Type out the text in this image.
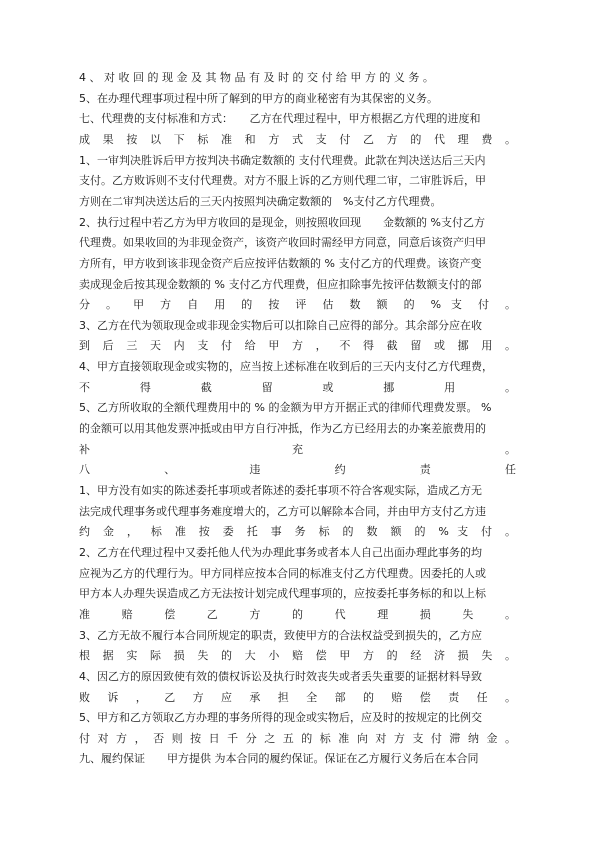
4 、 对 收 回 的 现 金 及 其 物 品 有 及 时 的 交 付 给 甲 方 的 义 务 。
5、在办理代理事项过程中所了解到的甲方的商业秘密有为其保密的义务。
七、代理费的支付标准和方式：　　乙方在代理过程中，甲方根据乙方代理的进度和
成 果 按 以 下 标 准 和 方 式 支 付 乙 方 的 代 理 费 。
1、一审判决胜诉后甲方按判决书确定数额的 支付代理费。此款在判决送达后三天内
支付。乙方败诉则不支付代理费。对方不服上诉的乙方则代理二审，二审胜诉后，甲
方则在二审判决送达后的三天内按照判决确定数额的　%支付乙方代理费。
2、执行过程中若乙方为甲方收回的是现金，则按照收回现　　金数额的 %支付乙方
代理费。如果收回的为非现金资产，该资产收回时需经甲方同意，同意后该资产归甲
方所有，甲方收到该非现金资产后应按评估数额的 % 支付乙方的代理费。该资产变
卖成现金后按其现金数额的 % 支付乙方代理费，但应扣除事先按评估数额支付的部
分 。 甲 方 自 用 的 按 评 估 数 额 的 % 支 付 。
3、乙方在代为领取现金或非现金实物后可以扣除自己应得的部分。其余部分应在收
到 后 三 天 内 支 付 给 甲 方 ， 不 得 截 留 或 挪 用 。
4、甲方直接领取现金或实物的，应当按上述标准在收到后的三天内支付乙方代理费，
不 得 截 留 或 挪 用 。
5、乙方所收取的全额代理费用中的 % 的金额为甲方开据正式的律师代理费发票。 %
的金额可以用其他发票冲抵或由甲方自行冲抵，作为乙方已经用去的办案差旅费用的
补 充 。
八 、 违 约 责 任
1、甲方没有如实的陈述委托事项或者陈述的委托事项不符合客观实际，造成乙方无
法完成代理事务或代理事务难度增大的，乙方可以解除本合同，并由甲方支付乙方违
约 金 ， 标 准 按 委 托 事 务 标 的 数 额 的 % 支 付 。
2、乙方在代理过程中又委托他人代为办理此事务或者本人自己出面办理此事务的均
应视为乙方的代理行为。甲方同样应按本合同的标准支付乙方代理费。因委托的人或
甲方本人办理失误造成乙方无法按计划完成代理事项的，应按委托事务标的和以上标
准 赔 偿 乙 方 的 代 理 损 失 。
3、乙方无故不履行本合同所规定的职责，致使甲方的合法权益受到损失的，乙方应
根 据 实 际 损 失 的 大 小 赔 偿 甲 方 的 经 济 损 失 。
4、因乙方的原因致使有效的债权诉讼及执行时效丧失或者丢失重要的证据材料导致
败 诉 ， 乙 方 应 承 担 全 部 的 赔 偿 责 任 。
5、甲方和乙方领取乙方办理的事务所得的现金或实物后，应及时的按规定的比例交
付 对 方 ， 否 则 按 日 千 分 之 五 的 标 准 向 对 方 支 付 滞 纳 金 。
九、履约保证　　甲方提供 为本合同的履约保证。保证在乙方履行义务后在本合同
